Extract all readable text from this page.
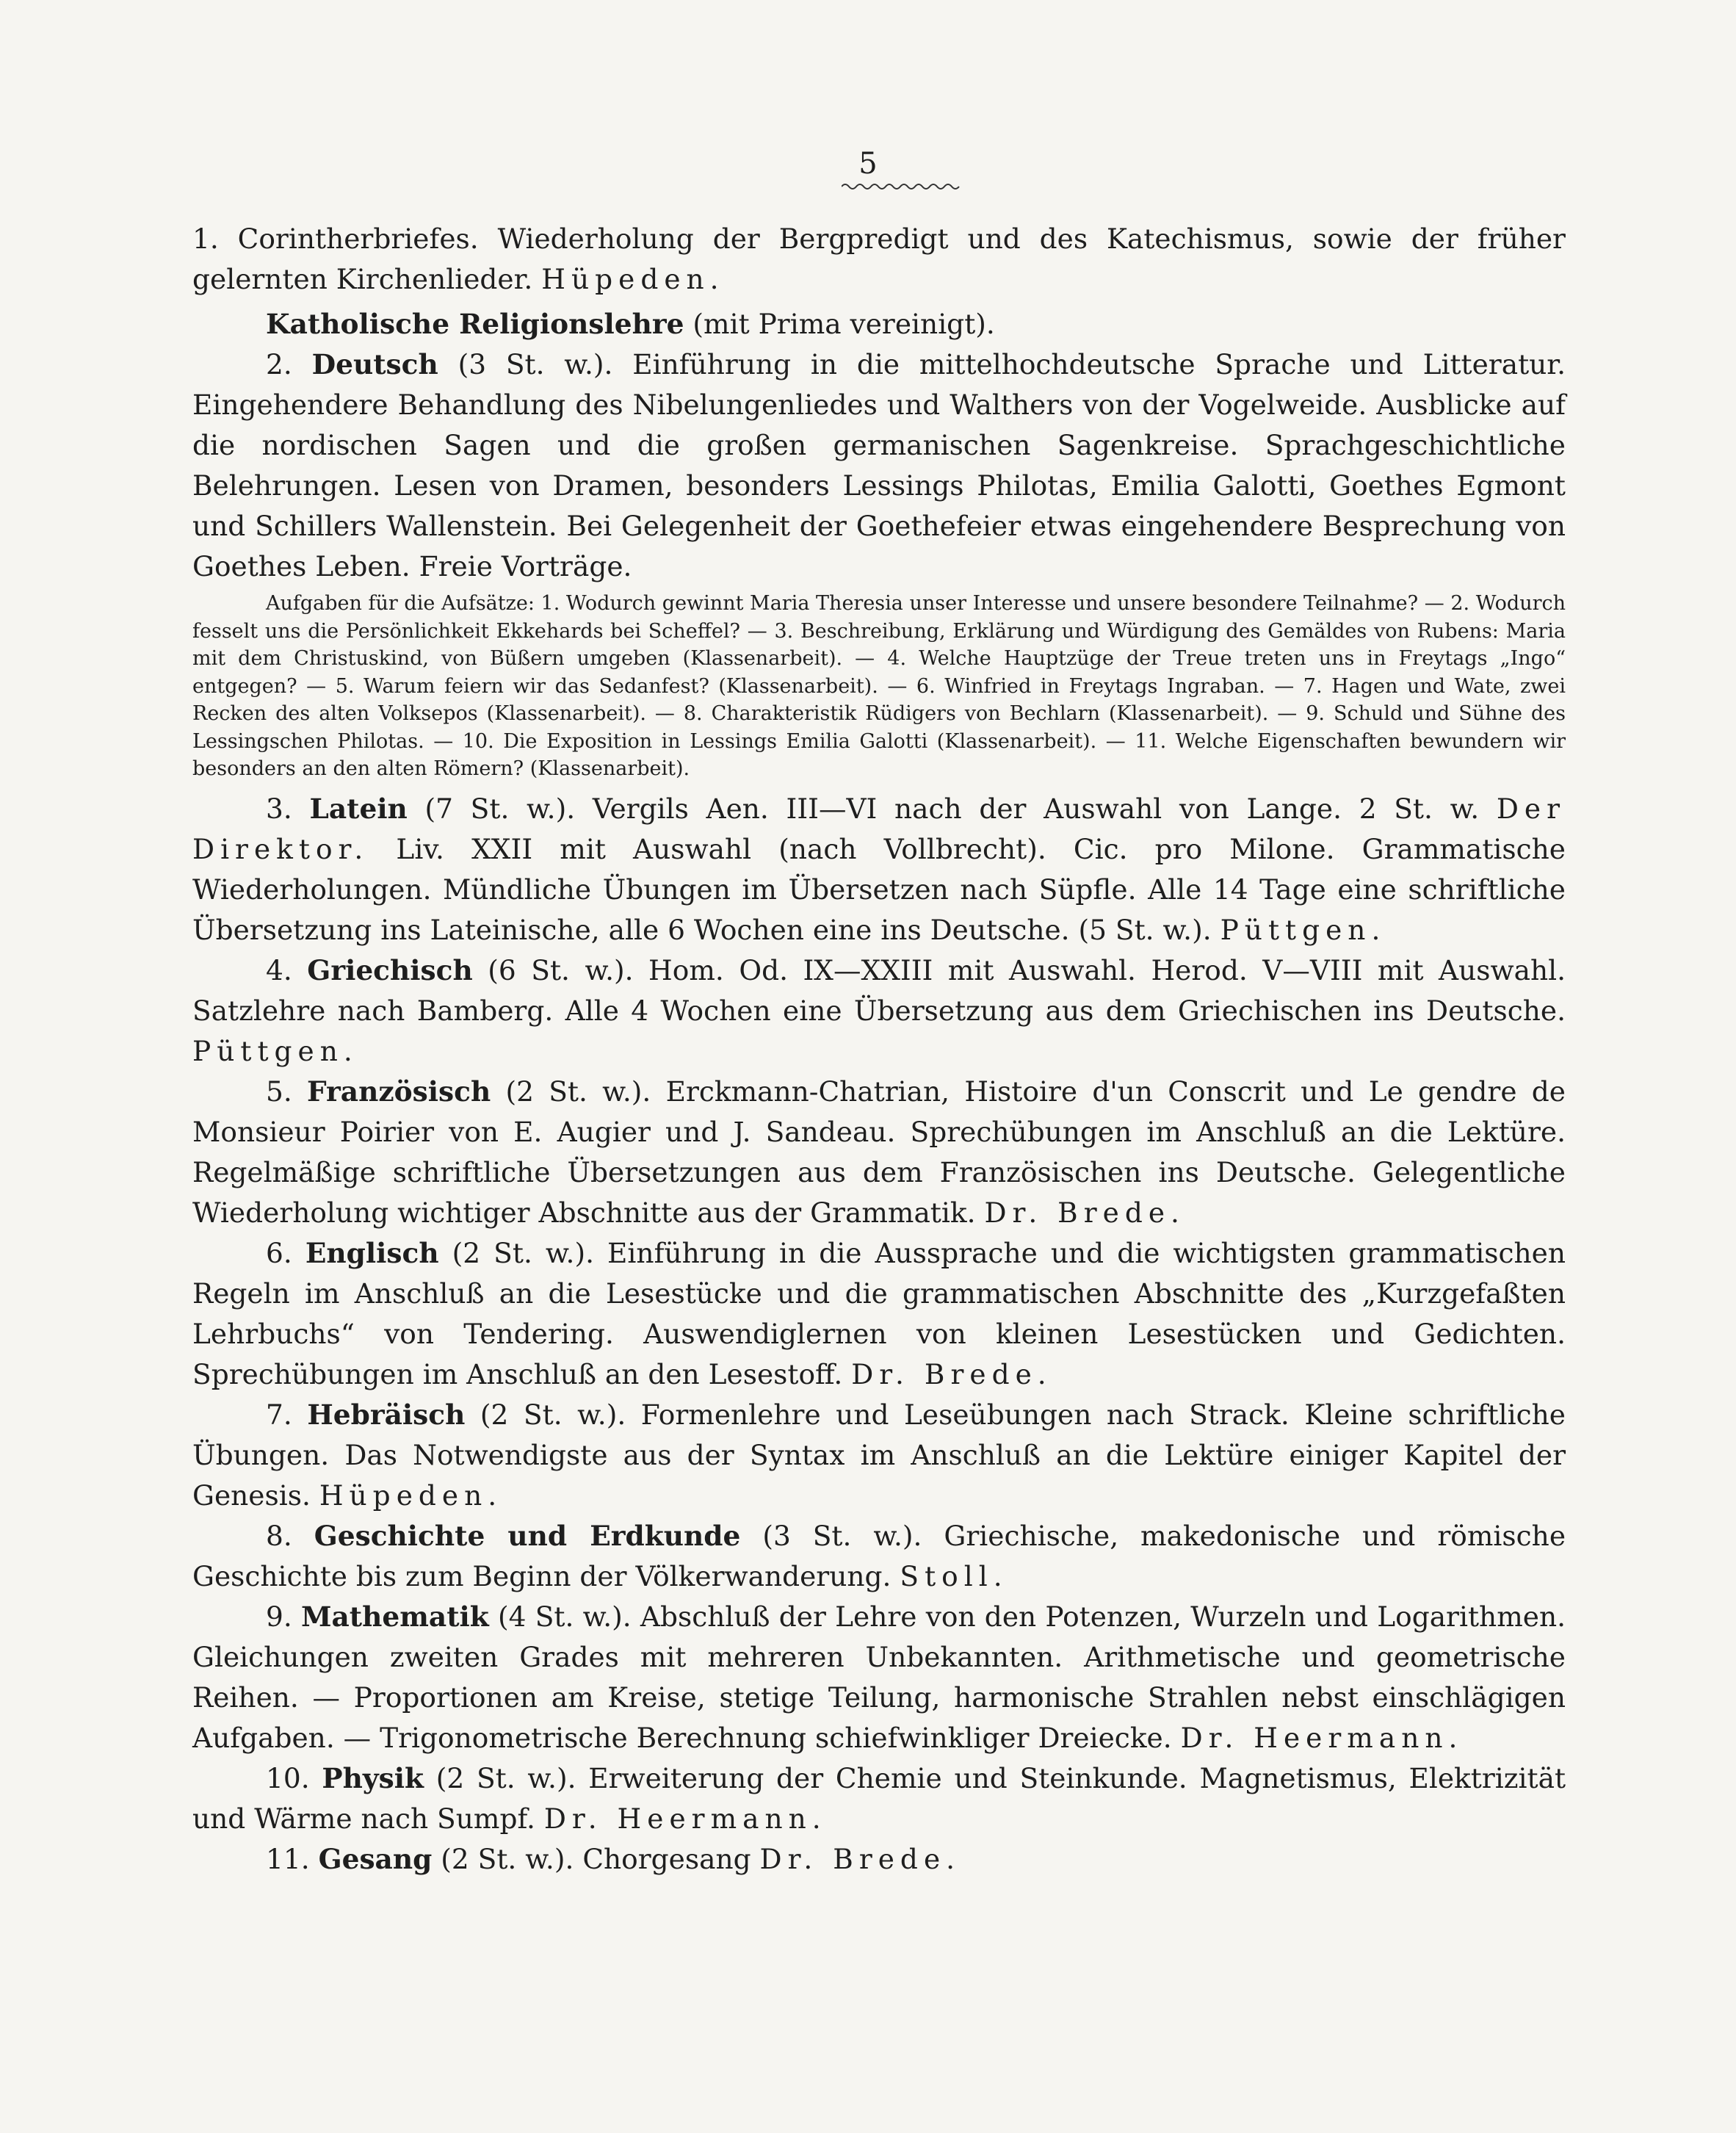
5

1. Corintherbriefes. Wiederholung der Bergpredigt und des Katechismus, sowie der früher gelernten Kirchenlieder. Hüpeden.

Katholische Religionslehre (mit Prima vereinigt).

2. Deutsch (3 St. w.). Einführung in die mittelhochdeutsche Sprache und Litteratur. Eingehendere Behandlung des Nibelungenliedes und Walthers von der Vogelweide. Ausblicke auf die nordischen Sagen und die großen germanischen Sagenkreise. Sprachgeschichtliche Belehrungen. Lesen von Dramen, besonders Lessings Philotas, Emilia Galotti, Goethes Egmont und Schillers Wallenstein. Bei Gelegenheit der Goethefeier etwas eingehendere Besprechung von Goethes Leben. Freie Vorträge.

Aufgaben für die Aufsätze: 1. Wodurch gewinnt Maria Theresia unser Interesse und unsere besondere Teilnahme? — 2. Wodurch fesselt uns die Persönlichkeit Ekkehards bei Scheffel? — 3. Beschreibung, Erklärung und Würdigung des Gemäldes von Rubens: Maria mit dem Christuskind, von Büßern umgeben (Klassenarbeit). — 4. Welche Hauptzüge der Treue treten uns in Freytags „Ingo“ entgegen? — 5. Warum feiern wir das Sedanfest? (Klassenarbeit). — 6. Winfried in Freytags Ingraban. — 7. Hagen und Wate, zwei Recken des alten Volksepos (Klassenarbeit). — 8. Charakteristik Rüdigers von Bechlarn (Klassenarbeit). — 9. Schuld und Sühne des Lessingschen Philotas. — 10. Die Exposition in Lessings Emilia Galotti (Klassenarbeit). — 11. Welche Eigenschaften bewundern wir besonders an den alten Römern? (Klassenarbeit).

3. Latein (7 St. w.). Vergils Aen. III—VI nach der Auswahl von Lange. 2 St. w. Der Direktor. Liv. XXII mit Auswahl (nach Vollbrecht). Cic. pro Milone. Grammatische Wiederholungen. Mündliche Übungen im Übersetzen nach Süpfle. Alle 14 Tage eine schriftliche Übersetzung ins Lateinische, alle 6 Wochen eine ins Deutsche. (5 St. w.). Püttgen.

4. Griechisch (6 St. w.). Hom. Od. IX—XXIII mit Auswahl. Herod. V—VIII mit Auswahl. Satzlehre nach Bamberg. Alle 4 Wochen eine Übersetzung aus dem Griechischen ins Deutsche. Püttgen.

5. Französisch (2 St. w.). Erckmann-Chatrian, Histoire d'un Conscrit und Le gendre de Monsieur Poirier von E. Augier und J. Sandeau. Sprechübungen im Anschluß an die Lektüre. Regelmäßige schriftliche Übersetzungen aus dem Französischen ins Deutsche. Gelegentliche Wiederholung wichtiger Abschnitte aus der Grammatik. Dr. Brede.

6. Englisch (2 St. w.). Einführung in die Aussprache und die wichtigsten grammatischen Regeln im Anschluß an die Lesestücke und die grammatischen Abschnitte des „Kurzgefaßten Lehrbuchs“ von Tendering. Auswendiglernen von kleinen Lesestücken und Gedichten. Sprechübungen im Anschluß an den Lesestoff. Dr. Brede.

7. Hebräisch (2 St. w.). Formenlehre und Leseübungen nach Strack. Kleine schriftliche Übungen. Das Notwendigste aus der Syntax im Anschluß an die Lektüre einiger Kapitel der Genesis. Hüpeden.

8. Geschichte und Erdkunde (3 St. w.). Griechische, makedonische und römische Geschichte bis zum Beginn der Völkerwanderung. Stoll.

9. Mathematik (4 St. w.). Abschluß der Lehre von den Potenzen, Wurzeln und Logarithmen. Gleichungen zweiten Grades mit mehreren Unbekannten. Arithmetische und geometrische Reihen. — Proportionen am Kreise, stetige Teilung, harmonische Strahlen nebst einschlägigen Aufgaben. — Trigonometrische Berechnung schiefwinkliger Dreiecke. Dr. Heermann.

10. Physik (2 St. w.). Erweiterung der Chemie und Steinkunde. Magnetismus, Elektrizität und Wärme nach Sumpf. Dr. Heermann.

11. Gesang (2 St. w.). Chorgesang Dr. Brede.
